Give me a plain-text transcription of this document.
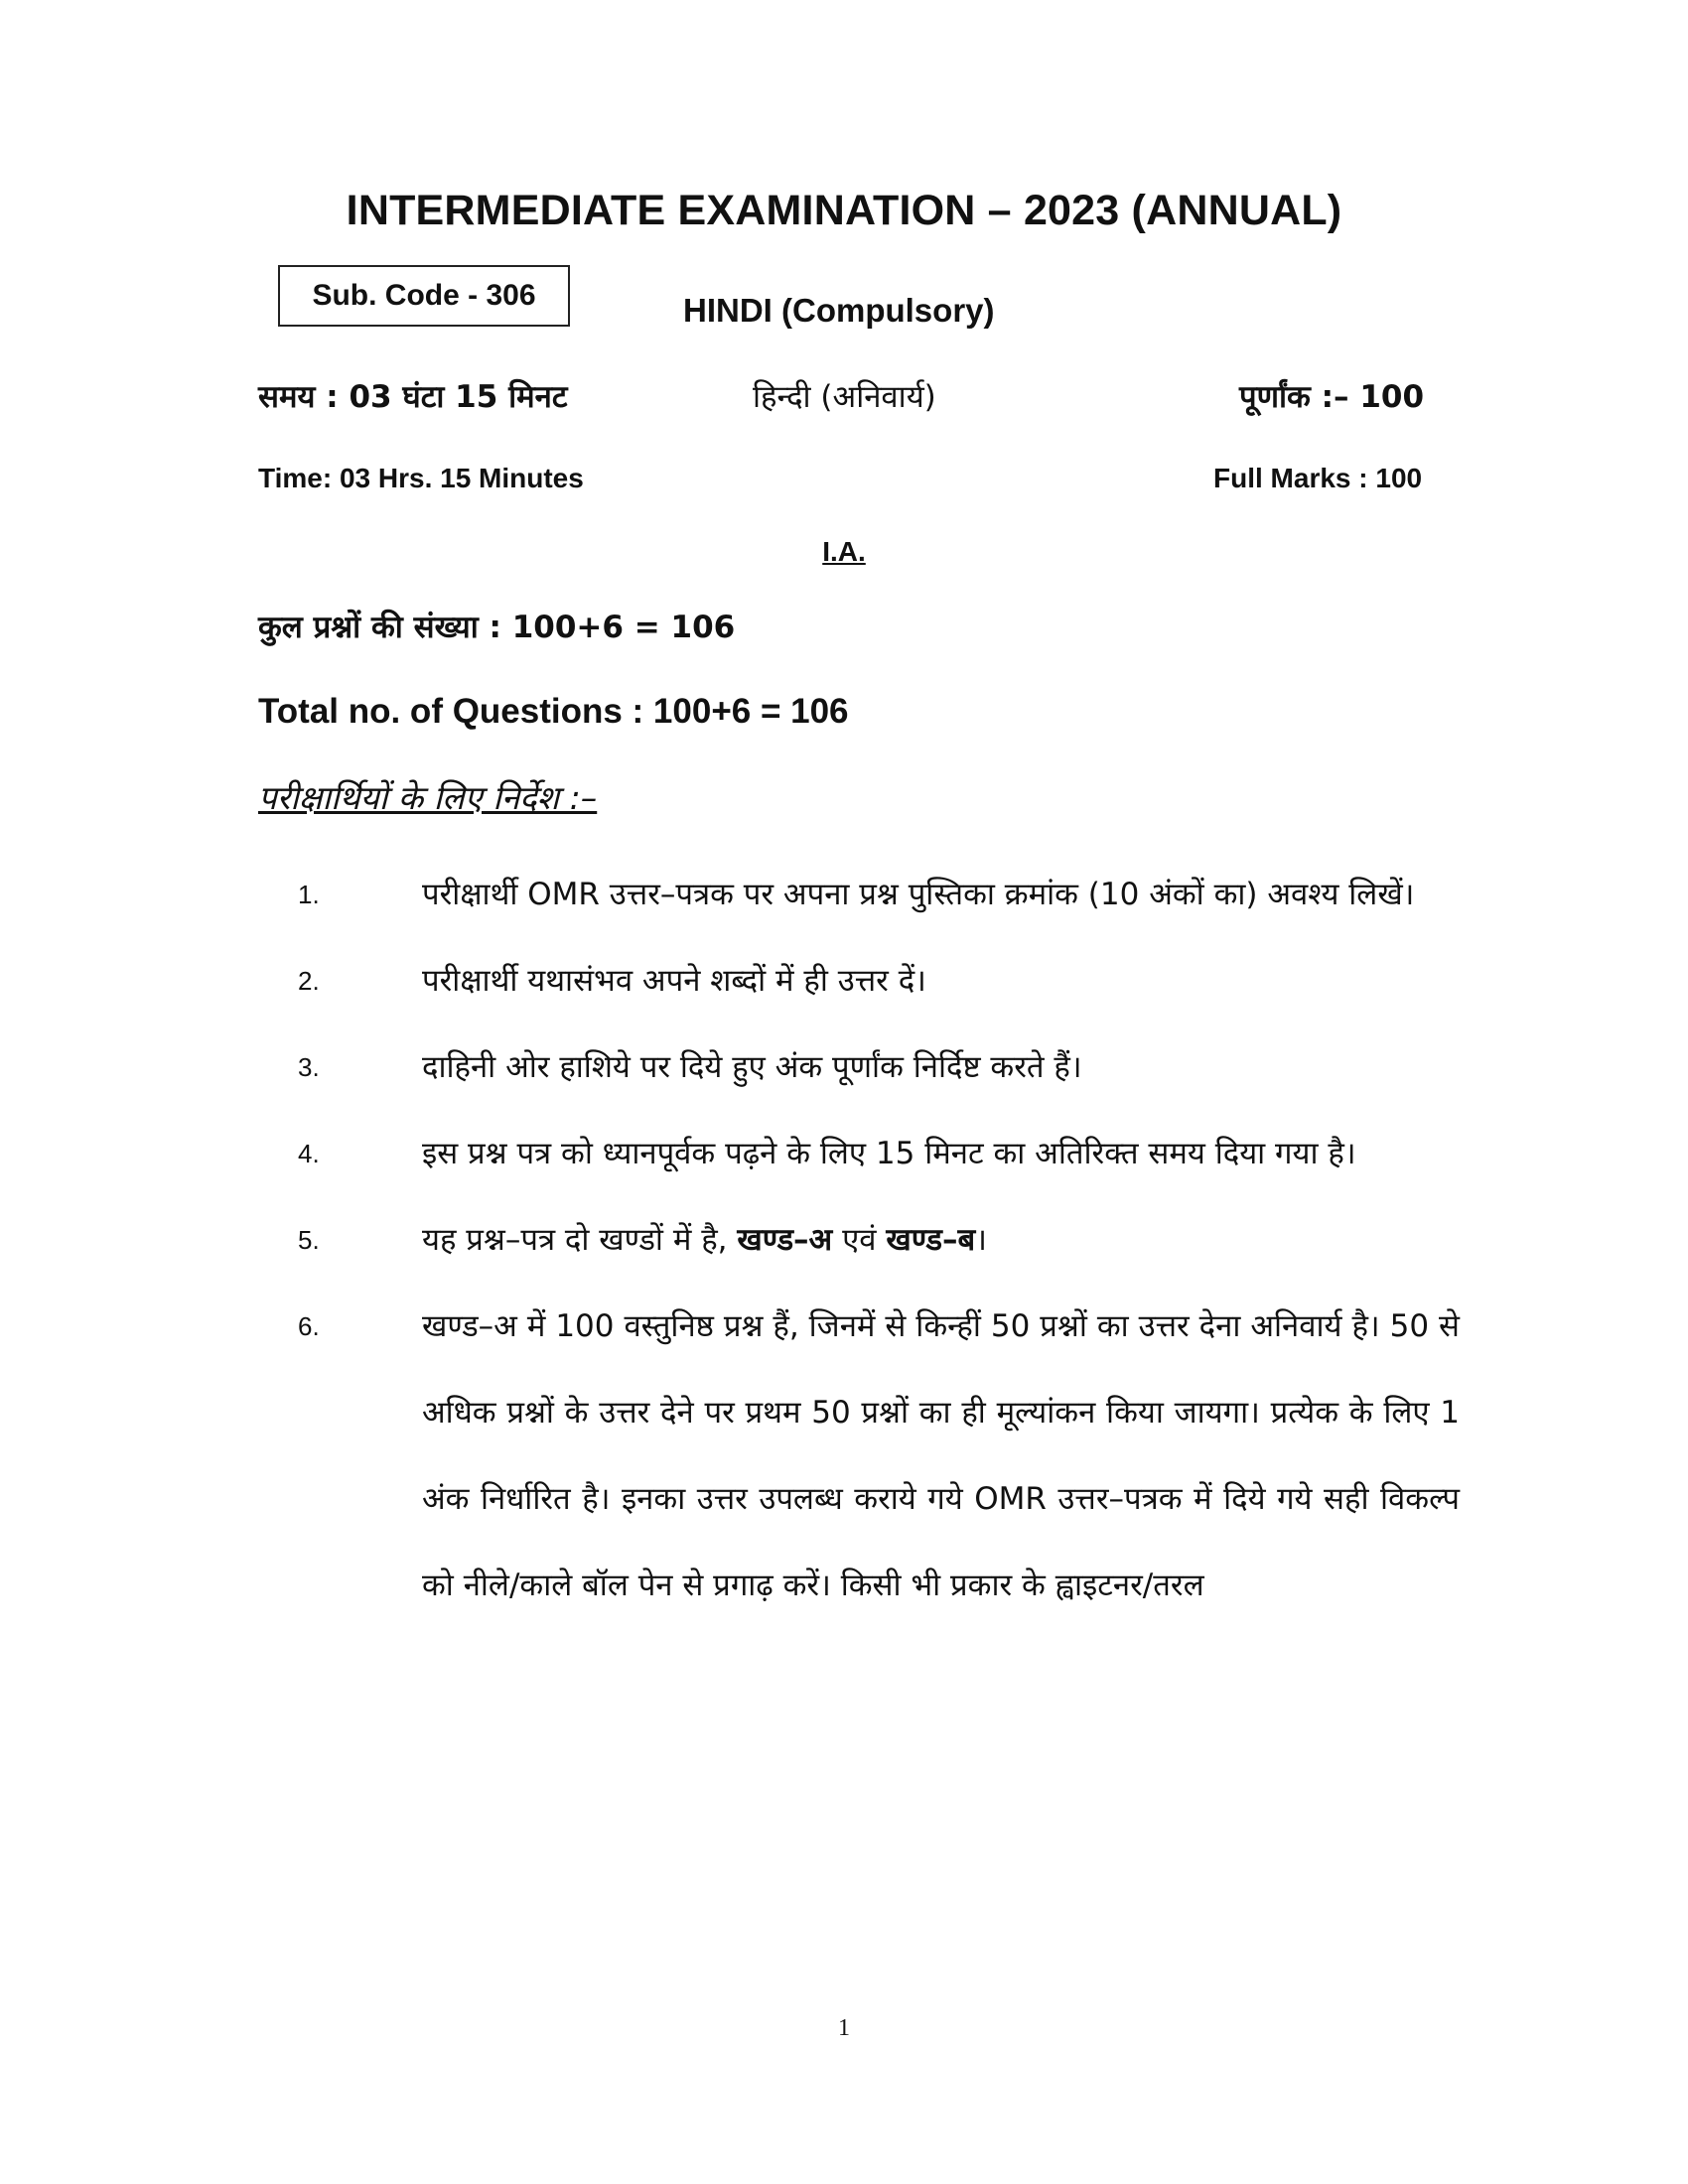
INTERMEDIATE EXAMINATION – 2023 (ANNUAL)
Sub. Code - 306	HINDI (Compulsory)
समय : 03 घंटा 15 मिनट	हिन्दी (अनिवार्य)	पूर्णांक :– 100
Time: 03 Hrs. 15 Minutes	Full Marks : 100
I.A.
कुल प्रश्नों की संख्या : 100+6 = 106
Total no. of Questions : 100+6 = 106
परीक्षार्थियों के लिए निर्देश :–
1.	परीक्षार्थी OMR उत्तर–पत्रक पर अपना प्रश्न पुस्तिका क्रमांक (10 अंकों का) अवश्य लिखें।
2.	परीक्षार्थी यथासंभव अपने शब्दों में ही उत्तर दें।
3.	दाहिनी ओर हाशिये पर दिये हुए अंक पूर्णांक निर्दिष्ट करते हैं।
4.	इस प्रश्न पत्र को ध्यानपूर्वक पढ़ने के लिए 15 मिनट का अतिरिक्त समय दिया गया है।
5.	यह प्रश्न–पत्र दो खण्डों में है, खण्ड–अ एवं खण्ड–ब।
6.	खण्ड–अ में 100 वस्तुनिष्ठ प्रश्न हैं, जिनमें से किन्हीं 50 प्रश्नों का उत्तर देना अनिवार्य है। 50 से अधिक प्रश्नों के उत्तर देने पर प्रथम 50 प्रश्नों का ही मूल्यांकन किया जायगा। प्रत्येक के लिए 1 अंक निर्धारित है। इनका उत्तर उपलब्ध कराये गये OMR उत्तर–पत्रक में दिये गये सही विकल्प को नीले/काले बॉल पेन से प्रगाढ़ करें। किसी भी प्रकार के ह्वाइटनर/तरल
1
